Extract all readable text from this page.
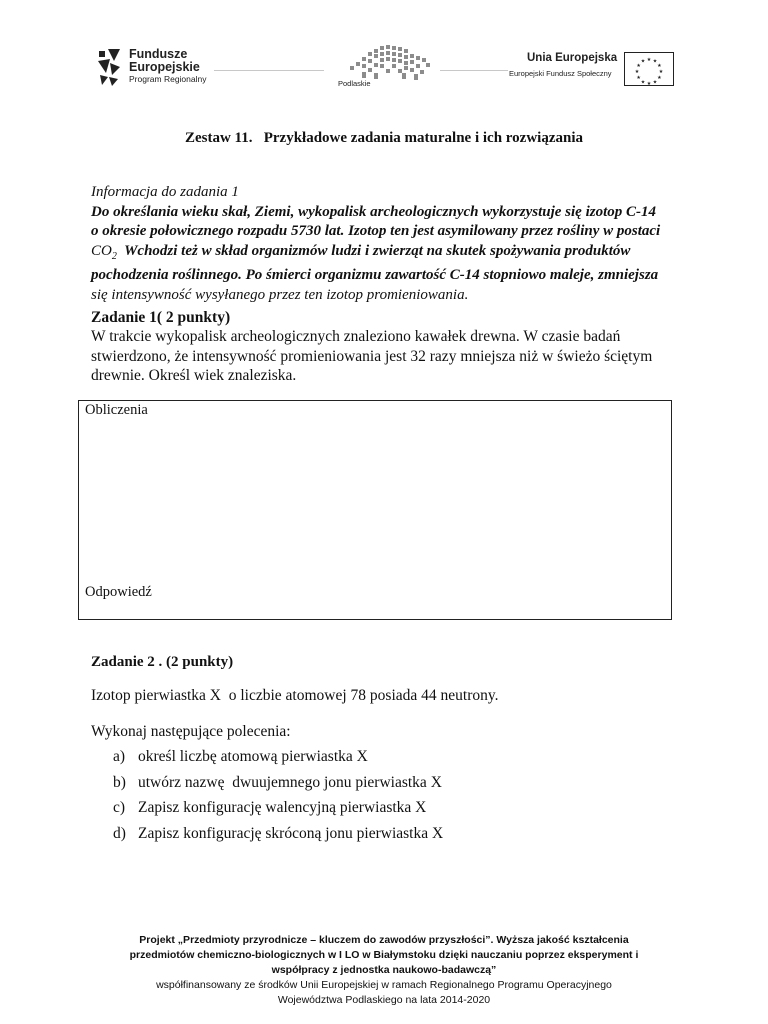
Fundusze
Europejskie
Program Regionalny	Podlaskie
Unia Europejska
Europejski Fundusz Społeczny
★ ★
★
★
★
★
★
★
★
★
★
★
Zestaw 11.   Przykładowe zadania maturalne i ich rozwiązania
Informacja do zadania 1
Do określania wieku skał, Ziemi, wykopalisk archeologicznych wykorzystuje się izotop C-14
o okresie połowicznego rozpadu 5730 lat. Izotop ten jest asymilowany przez rośliny w postaci
$CO_2$  Wchodzi też w skład organizmów ludzi i zwierząt na skutek spożywania produktów
pochodzenia roślinnego. Po śmierci organizmu zawartość C-14 stopniowo maleje, zmniejsza
się intensywność wysyłanego przez ten izotop promieniowania.
Zadanie 1( 2 punkty)
W trakcie wykopalisk archeologicznych znaleziono kawałek drewna. W czasie badań
stwierdzono, że intensywność promieniowania jest 32 razy mniejsza niż w świeżo ściętym
drewnie. Określ wiek znaleziska.
Obliczenia
Odpowiedź
Zadanie 2 . (2 punkty)
Izotop pierwiastka X  o liczbie atomowej 78 posiada 44 neutrony.
Wykonaj następujące polecenia:
a) określ liczbę atomową pierwiastka X
b) utwórz nazwę  dwuujemnego jonu pierwiastka X
c) Zapisz konfigurację walencyjną pierwiastka X
d) Zapisz konfigurację skróconą jonu pierwiastka X
Projekt „Przedmioty przyrodnicze – kluczem do zawodów przyszłości”. Wyższa jakość kształcenia
przedmiotów chemiczno-biologicznych w I LO w Białymstoku dzięki nauczaniu poprzez eksperyment i
współpracy z jednostka naukowo-badawczą”
współfinansowany ze środków Unii Europejskiej w ramach Regionalnego Programu Operacyjnego
Województwa Podlaskiego na lata 2014-2020
